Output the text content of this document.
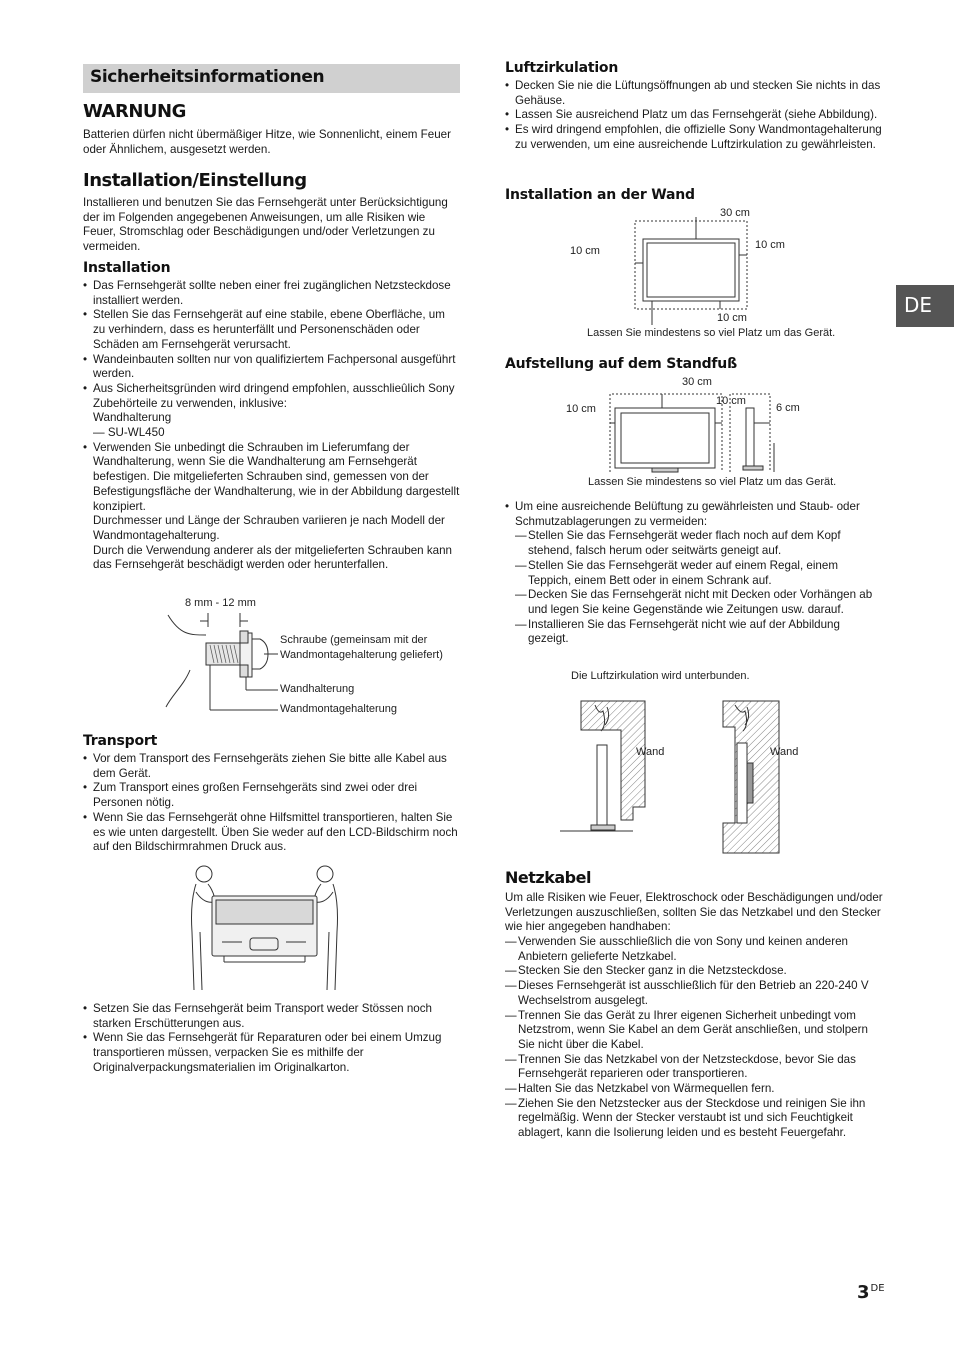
Sicherheitsinformationen
WARNUNG

Batterien dürfen nicht übermäßiger Hitze, wie Sonnenlicht, einem Feuer oder Ähnlichem, ausgesetzt werden.

Installation/Einstellung

Installieren und benutzen Sie das Fernsehgerät unter Berücksichtigung der im Folgenden angegebenen Anweisungen, um alle Risiken wie Feuer, Stromschlag oder Beschädigungen und/oder Verletzungen zu vermeiden.

Installation
• Das Fernsehgerät sollte neben einer frei zugänglichen Netzsteckdose installiert werden.
• Stellen Sie das Fernsehgerät auf eine stabile, ebene Oberfläche, um zu verhindern, dass es herunterfällt und Personenschäden oder Schäden am Fernsehgerät verursacht.
• Wandeinbauten sollten nur von qualifiziertem Fachpersonal ausgeführt werden.
• Aus Sicherheitsgründen wird dringend empfohlen, ausschlieûlich Sony Zubehörteile zu verwenden, inklusive:
Wandhalterung
— SU-WL450
• Verwenden Sie unbedingt die Schrauben im Lieferumfang der Wandhalterung, wenn Sie die Wandhalterung am Fernsehgerät befestigen. Die mitgelieferten Schrauben sind, gemessen von der Befestigungsfläche der Wandhalterung, wie in der Abbildung dargestellt konzipiert.
Durchmesser und Länge der Schrauben variieren je nach Modell der Wandmontagehalterung.
Durch die Verwendung anderer als der mitgelieferten Schrauben kann das Fernsehgerät beschädigt werden oder herunterfallen.
8 mm - 12 mm
Schraube (gemeinsam mit der Wandmontagehalterung geliefert)
Wandhalterung
Wandmontagehalterung
Transport
• Vor dem Transport des Fernsehgeräts ziehen Sie bitte alle Kabel aus dem Gerät.
• Zum Transport eines großen Fernsehgeräts sind zwei oder drei Personen nötig.
• Wenn Sie das Fernsehgerät ohne Hilfsmittel transportieren, halten Sie es wie unten dargestellt. Üben Sie weder auf den LCD-Bildschirm noch auf den Bildschirmrahmen Druck aus.
• Setzen Sie das Fernsehgerät beim Transport weder Stössen noch starken Erschütterungen aus.
• Wenn Sie das Fernsehgerät für Reparaturen oder bei einem Umzug transportieren müssen, verpacken Sie es mithilfe der Originalverpackungsmaterialien im Originalkarton.
Luftzirkulation
• Decken Sie nie die Lüftungsöffnungen ab und stecken Sie nichts in das Gehäuse.
• Lassen Sie ausreichend Platz um das Fernsehgerät (siehe Abbildung).
• Es wird dringend empfohlen, die offizielle Sony Wandmontagehalterung zu verwenden, um eine ausreichende Luftzirkulation zu gewährleisten.
Installation an der Wand
30 cm
10 cm	10 cm
10 cm
Lassen Sie mindestens so viel Platz um das Gerät.
Aufstellung auf dem Standfuß
30 cm
10 cm
10 cm
6 cm
Lassen Sie mindestens so viel Platz um das Gerät.
• Um eine ausreichende Belüftung zu gewährleisten und Staub- oder Schmutzablagerungen zu vermeiden:
— Stellen Sie das Fernsehgerät weder flach noch auf dem Kopf stehend, falsch herum oder seitwärts geneigt auf.
— Stellen Sie das Fernsehgerät weder auf einem Regal, einem Teppich, einem Bett oder in einem Schrank auf.
— Decken Sie das Fernsehgerät nicht mit Decken oder Vorhängen ab und legen Sie keine Gegenstände wie Zeitungen usw. darauf.
— Installieren Sie das Fernsehgerät nicht wie auf der Abbildung gezeigt.
Die Luftzirkulation wird unterbunden.
Wand	Wand
Netzkabel

Um alle Risiken wie Feuer, Elektroschock oder Beschädigungen und/oder Verletzungen auszuschließen, sollten Sie das Netzkabel und den Stecker wie hier angegeben handhaben:

— Verwenden Sie ausschließlich die von Sony und keinen anderen Anbietern gelieferte Netzkabel.
— Stecken Sie den Stecker ganz in die Netzsteckdose.
— Dieses Fernsehgerät ist ausschließlich für den Betrieb an 220-240 V Wechselstrom ausgelegt.
— Trennen Sie das Gerät zu Ihrer eigenen Sicherheit unbedingt vom Netzstrom, wenn Sie Kabel an dem Gerät anschließen, und stolpern Sie nicht über die Kabel.
— Trennen Sie das Netzkabel von der Netzsteckdose, bevor Sie das Fernsehgerät reparieren oder transportieren.
— Halten Sie das Netzkabel von Wärmequellen fern.
— Ziehen Sie den Netzstecker aus der Steckdose und reinigen Sie ihn regelmäßig. Wenn der Stecker verstaubt ist und sich Feuchtigkeit ablagert, kann die Isolierung leiden und es besteht Feuergefahr.
DE
3DE
